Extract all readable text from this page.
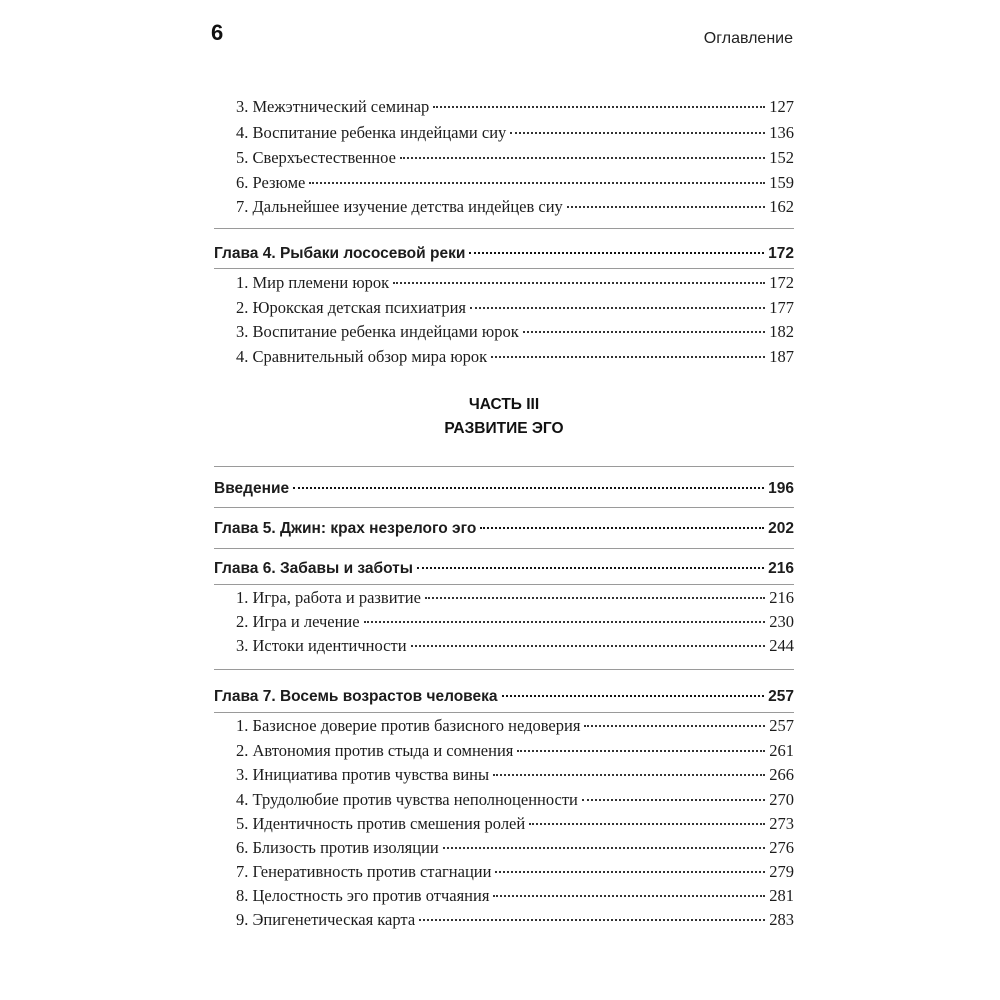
6	Оглавление
3. Межэтнический семинар	127
4. Воспитание ребенка индейцами сиу	136
5. Сверхъестественное	152
6. Резюме	159
7. Дальнейшее изучение детства индейцев сиу	162
Глава 4. Рыбаки лососевой реки	172
1. Мир племени юрок	172
2. Юрокская детская психиатрия	177
3. Воспитание ребенка индейцами юрок	182
4. Сравнительный обзор мира юрок	187
ЧАСТЬ III
РАЗВИТИЕ ЭГО
Введение	196
Глава 5. Джин: крах незрелого эго	202
Глава 6. Забавы и заботы	216
1. Игра, работа и развитие	216
2. Игра и лечение	230
3. Истоки идентичности	244
Глава 7. Восемь возрастов человека	257
1. Базисное доверие против базисного недоверия	257
2. Автономия против стыда и сомнения	261
3. Инициатива против чувства вины	266
4. Трудолюбие против чувства неполноценности	270
5. Идентичность против смешения ролей	273
6. Близость против изоляции	276
7. Генеративность против стагнации	279
8. Целостность эго против отчаяния	281
9. Эпигенетическая карта	283
